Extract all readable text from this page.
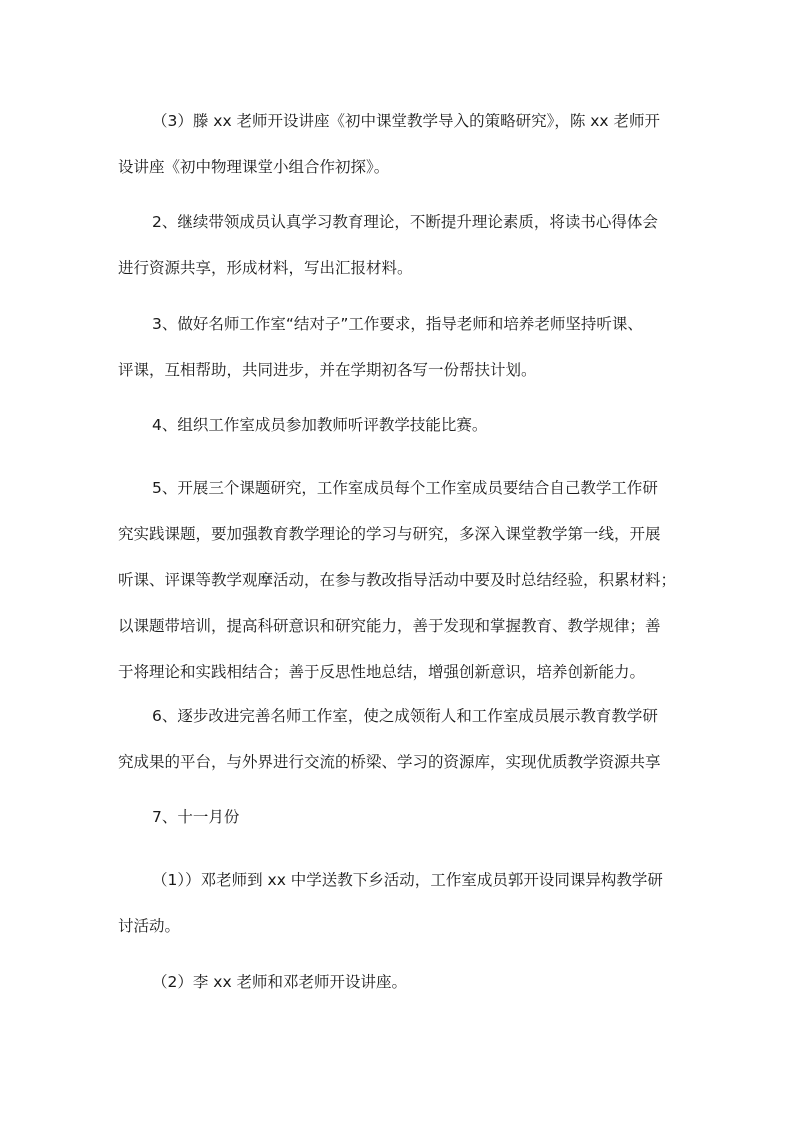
（3）滕 xx 老师开设讲座《初中课堂教学导入的策略研究》，陈 xx 老师开
设讲座《初中物理课堂小组合作初探》。
2、继续带领成员认真学习教育理论，不断提升理论素质，将读书心得体会
进行资源共享，形成材料，写出汇报材料。
3、做好名师工作室“结对子”工作要求，指导老师和培养老师坚持听课、
评课，互相帮助，共同进步，并在学期初各写一份帮扶计划。
4、组织工作室成员参加教师听评教学技能比赛。
5、开展三个课题研究，工作室成员每个工作室成员要结合自己教学工作研
究实践课题，要加强教育教学理论的学习与研究，多深入课堂教学第一线，开展
听课、评课等教学观摩活动，在参与教改指导活动中要及时总结经验，积累材料；
以课题带培训，提高科研意识和研究能力，善于发现和掌握教育、教学规律；善
于将理论和实践相结合；善于反思性地总结，增强创新意识，培养创新能力。
6、逐步改进完善名师工作室，使之成领衔人和工作室成员展示教育教学研
究成果的平台，与外界进行交流的桥梁、学习的资源库，实现优质教学资源共享
7、十一月份
（1））邓老师到 xx 中学送教下乡活动，工作室成员郭开设同课异构教学研
讨活动。
（2）李 xx 老师和邓老师开设讲座。
